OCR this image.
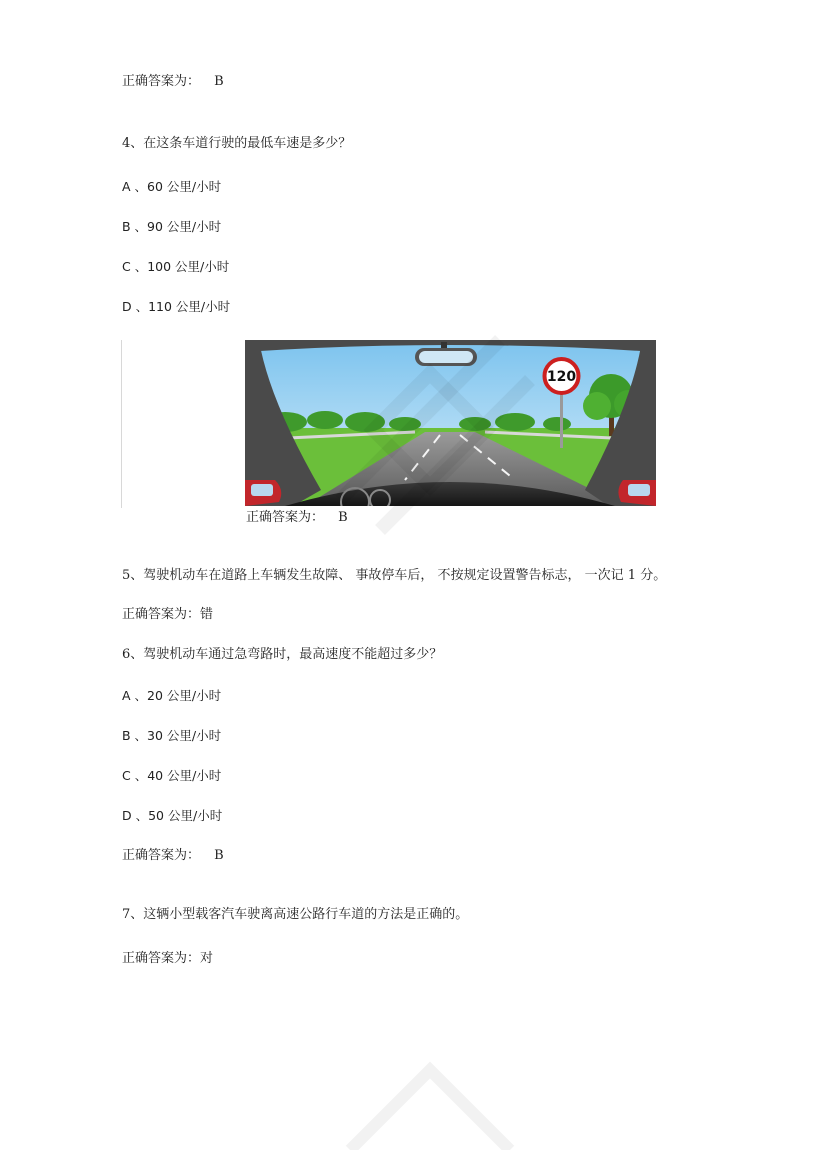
正确答案为： B
4、在这条车道行驶的最低车速是多少？
A 、60 公里/小时
B 、90 公里/小时
C 、100 公里/小时
D 、110 公里/小时
120
正确答案为： B
5、驾驶机动车在道路上车辆发生故障、 事故停车后， 不按规定设置警告标志， 一次记 1 分。
正确答案为：错
6、驾驶机动车通过急弯路时，最高速度不能超过多少？
A 、20 公里/小时
B 、30 公里/小时
C 、40 公里/小时
D 、50 公里/小时
正确答案为： B
7、这辆小型载客汽车驶离高速公路行车道的方法是正确的。
正确答案为：对
